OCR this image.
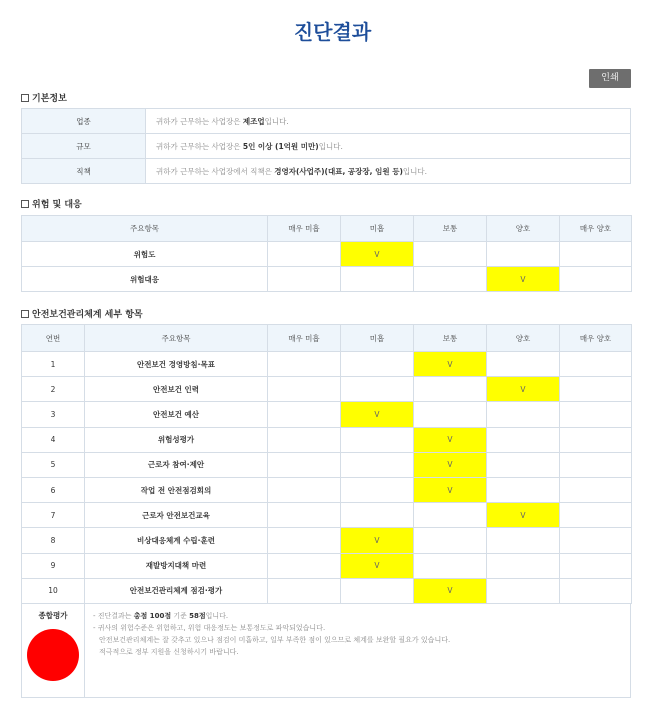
진단결과
인쇄
기본정보
업종	귀하가 근무하는 사업장은 제조업입니다.
규모	귀하가 근무하는 사업장은 5인 이상 (1억원 미만)입니다.
직책	귀하가 근무하는 사업장에서 직책은 경영자(사업주)(대표, 공장장, 임원 등)입니다.
위험 및 대응
주요항목	매우 미흡	미흡	보통	양호	매우 양호
위험도		V			
위험대응				V	
안전보건관리체계 세부 항목
연번	주요항목	매우 미흡	미흡	보통	양호	매우 양호
1	안전보건 경영방침·목표			V		
2	안전보건 인력				V	
3	안전보건 예산		V			
4	위험성평가			V		
5	근로자 참여·제안			V		
6	작업 전 안전점검회의			V		
7	근로자 안전보건교육				V	
8	비상대응체계 수립·훈련		V			
9	재발방지대책 마련		V			
10	안전보건관리체계 점검·평가			V		
종합평가	- 진단결과는 총점 100점 기준 58점입니다.
- 귀사의 위험수준은 위험하고, 위험 대응정도는 보통정도로 파악되었습니다.
안전보건관리체계는 잘 갖추고 있으나 점검이 미흡하고, 일부 부족한 점이 있으므로 체계를 보완할 필요가 있습니다.
적극적으로 정부 지원을 신청하시기 바랍니다.
